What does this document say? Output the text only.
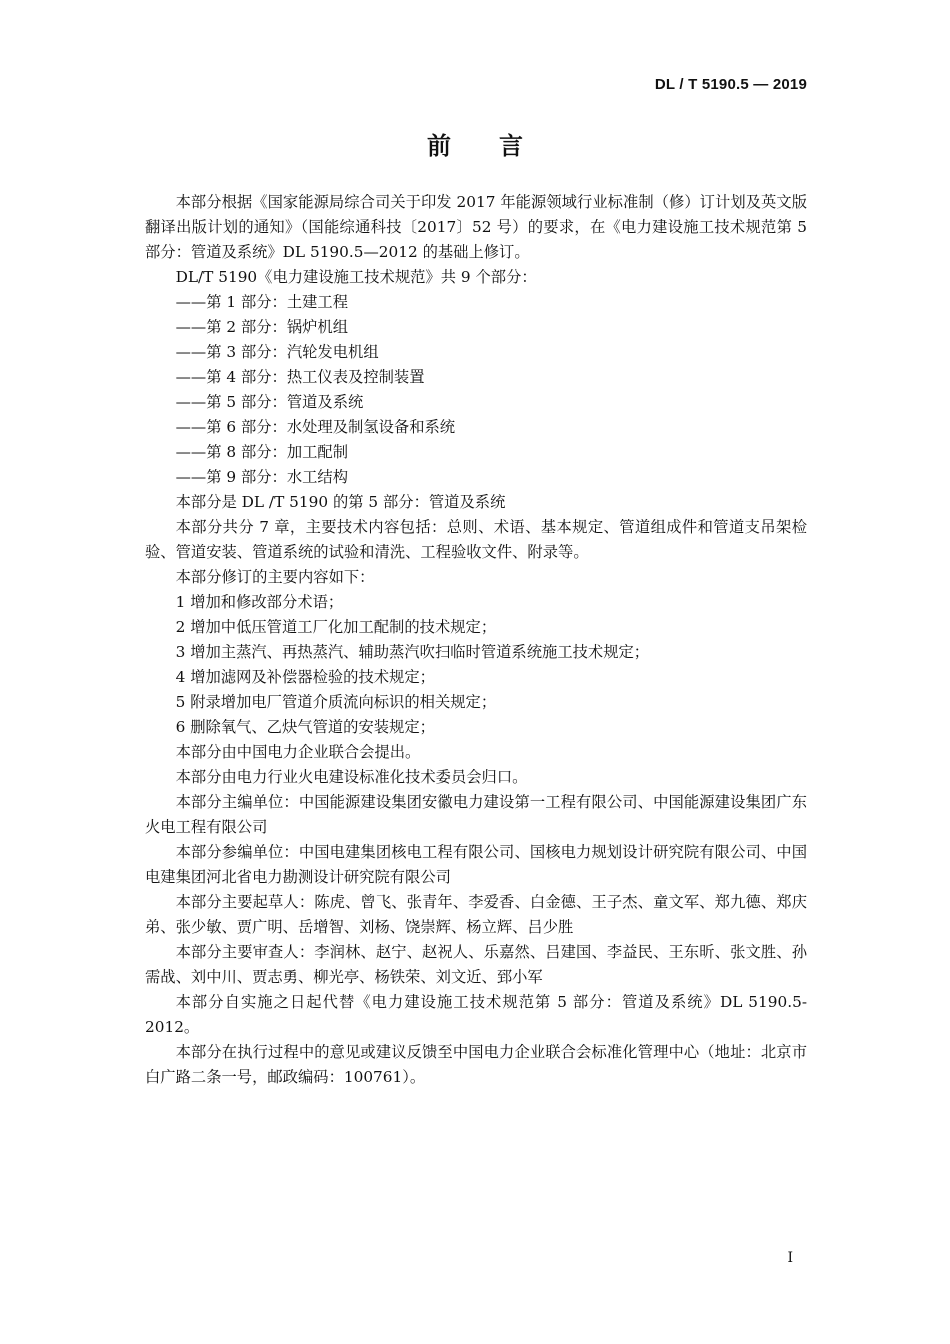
DL / T 5190.5 — 2019
前 言

本部分根据《国家能源局综合司关于印发 2017 年能源领域行业标准制（修）订计划及英文版翻译出版计划的通知》（国能综通科技〔2017〕52 号）的要求，在《电力建设施工技术规范第 5 部分：管道及系统》DL 5190.5—2012 的基础上修订。

DL/T 5190《电力建设施工技术规范》共 9 个部分：

——第 1 部分：土建工程

——第 2 部分：锅炉机组

——第 3 部分：汽轮发电机组

——第 4 部分：热工仪表及控制装置

——第 5 部分：管道及系统

——第 6 部分：水处理及制氢设备和系统

——第 8 部分：加工配制

——第 9 部分：水工结构

本部分是 DL /T 5190 的第 5 部分：管道及系统

本部分共分 7 章，主要技术内容包括：总则、术语、基本规定、管道组成件和管道支吊架检验、管道安装、管道系统的试验和清洗、工程验收文件、附录等。

本部分修订的主要内容如下：

1 增加和修改部分术语；

2 增加中低压管道工厂化加工配制的技术规定；

3 增加主蒸汽、再热蒸汽、辅助蒸汽吹扫临时管道系统施工技术规定；

4 增加滤网及补偿器检验的技术规定；

5 附录增加电厂管道介质流向标识的相关规定；

6 删除氧气、乙炔气管道的安装规定；

本部分由中国电力企业联合会提出。

本部分由电力行业火电建设标准化技术委员会归口。

本部分主编单位：中国能源建设集团安徽电力建设第一工程有限公司、中国能源建设集团广东火电工程有限公司

本部分参编单位：中国电建集团核电工程有限公司、国核电力规划设计研究院有限公司、中国电建集团河北省电力勘测设计研究院有限公司

本部分主要起草人：陈虎、曾飞、张青年、李爱香、白金德、王子杰、童文军、郑九德、郑庆弟、张少敏、贾广明、岳增智、刘杨、饶崇辉、杨立辉、吕少胜

本部分主要审查人：李润林、赵宁、赵祝人、乐嘉然、吕建国、李益民、王东昕、张文胜、孙需战、刘中川、贾志勇、柳光亭、杨铁荣、刘文近、郅小军

本部分自实施之日起代替《电力建设施工技术规范第 5 部分：管道及系统》DL 5190.5-2012。

本部分在执行过程中的意见或建议反馈至中国电力企业联合会标准化管理中心（地址：北京市白广路二条一号，邮政编码：100761）。

I
